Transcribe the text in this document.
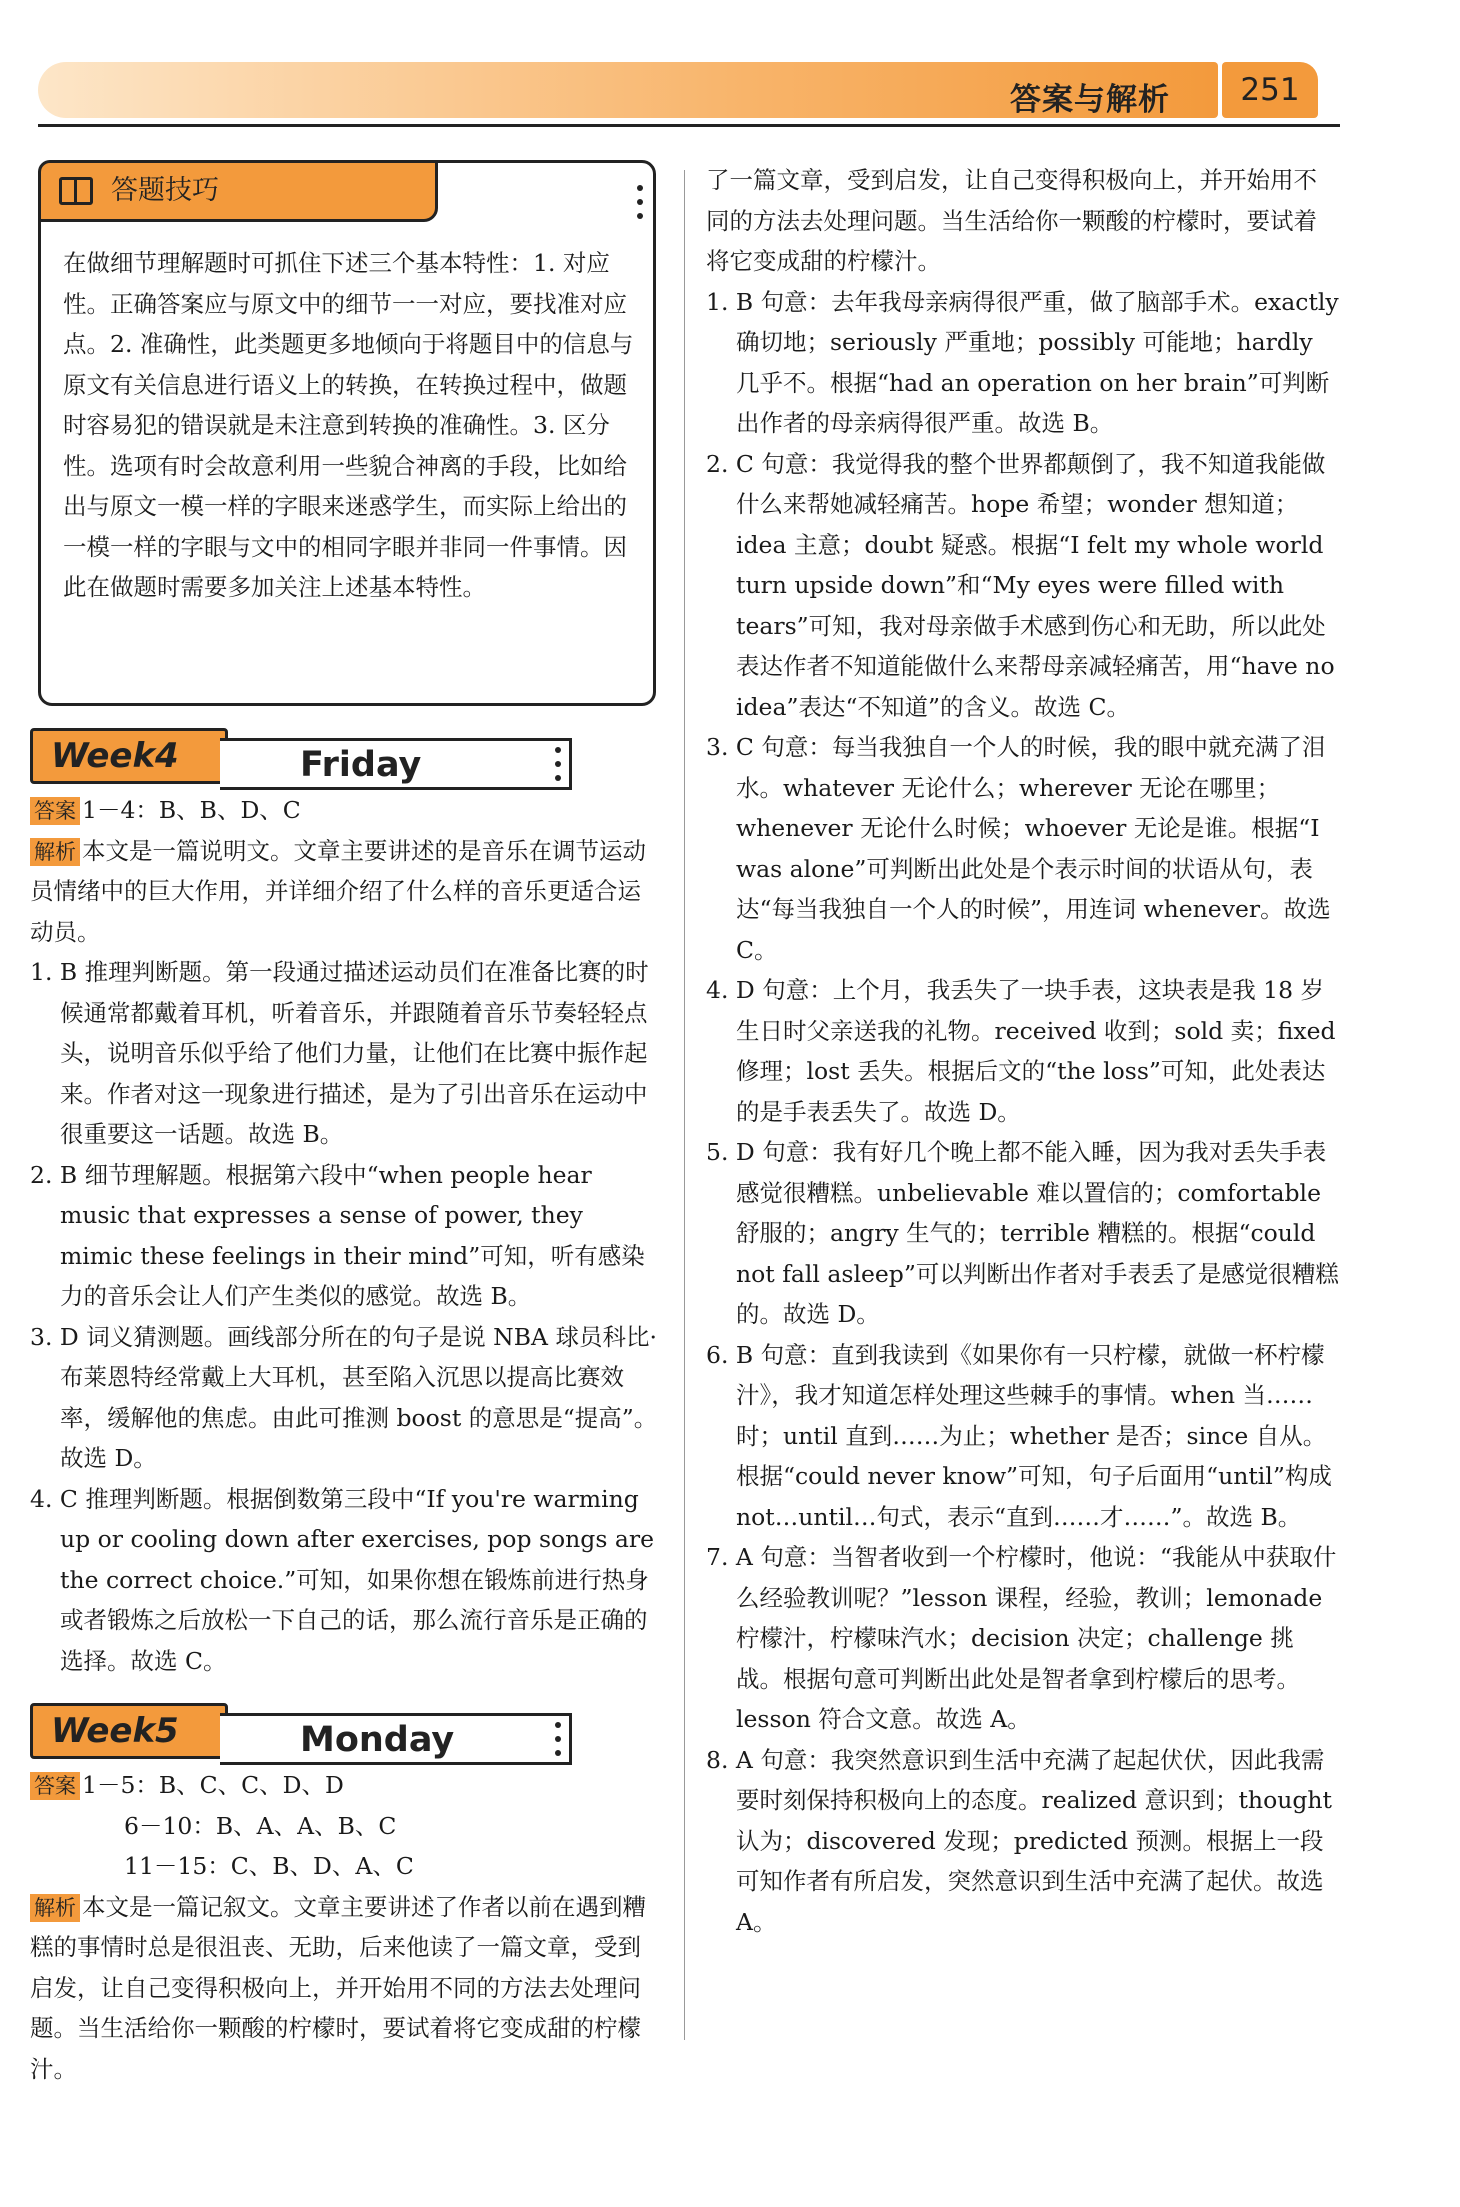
答案与解析	251
答题技巧
在做细节理解题时可抓住下述三个基本特性：1. 对应性。正确答案应与原文中的细节一一对应，要找准对应点。2. 准确性，此类题更多地倾向于将题目中的信息与原文有关信息进行语义上的转换，在转换过程中，做题时容易犯的错误就是未注意到转换的准确性。3. 区分性。选项有时会故意利用一些貌合神离的手段，比如给出与原文一模一样的字眼来迷惑学生，而实际上给出的一模一样的字眼与文中的相同字眼并非同一件事情。因此在做题时需要多加关注上述基本特性。
Week4	Friday

答案 1－4：B、B、D、C

解析 本文是一篇说明文。文章主要讲述的是音乐在调节运动员情绪中的巨大作用，并详细介绍了什么样的音乐更适合运动员。

1. B 推理判断题。第一段通过描述运动员们在准备比赛的时候通常都戴着耳机，听着音乐，并跟随着音乐节奏轻轻点头，说明音乐似乎给了他们力量，让他们在比赛中振作起来。作者对这一现象进行描述，是为了引出音乐在运动中很重要这一话题。故选 B。

2. B 细节理解题。根据第六段中“when people hear music that expresses a sense of power, they mimic these feelings in their mind”可知，听有感染力的音乐会让人们产生类似的感觉。故选 B。

3. D 词义猜测题。画线部分所在的句子是说 NBA 球员科比·布莱恩特经常戴上大耳机，甚至陷入沉思以提高比赛效率，缓解他的焦虑。由此可推测 boost 的意思是“提高”。故选 D。

4. C 推理判断题。根据倒数第三段中“If you're warming up or cooling down after exercises, pop songs are the correct choice.”可知，如果你想在锻炼前进行热身或者锻炼之后放松一下自己的话，那么流行音乐是正确的选择。故选 C。

Week5	Monday

答案 1－5：B、C、C、D、D

6－10：B、A、A、B、C

11－15：C、B、D、A、C

解析 本文是一篇记叙文。文章主要讲述了作者以前在遇到糟糕的事情时总是很沮丧、无助，后来他读了一篇文章，受到启发，让自己变得积极向上，并开始用不同的方法去处理问题。当生活给你一颗酸的柠檬时，要试着将它变成甜的柠檬汁。

了一篇文章，受到启发，让自己变得积极向上，并开始用不同的方法去处理问题。当生活给你一颗酸的柠檬时，要试着将它变成甜的柠檬汁。

1. B 句意：去年我母亲病得很严重，做了脑部手术。exactly 确切地；seriously 严重地；possibly 可能地；hardly 几乎不。根据“had an operation on her brain”可判断出作者的母亲病得很严重。故选 B。

2. C 句意：我觉得我的整个世界都颠倒了，我不知道我能做什么来帮她减轻痛苦。hope 希望；wonder 想知道；idea 主意；doubt 疑惑。根据“I felt my whole world turn upside down”和“My eyes were filled with tears”可知，我对母亲做手术感到伤心和无助，所以此处表达作者不知道能做什么来帮母亲减轻痛苦，用“have no idea”表达“不知道”的含义。故选 C。

3. C 句意：每当我独自一个人的时候，我的眼中就充满了泪水。whatever 无论什么；wherever 无论在哪里；whenever 无论什么时候；whoever 无论是谁。根据“I was alone”可判断出此处是个表示时间的状语从句，表达“每当我独自一个人的时候”，用连词 whenever。故选 C。

4. D 句意：上个月，我丢失了一块手表，这块表是我 18 岁生日时父亲送我的礼物。received 收到；sold 卖；fixed 修理；lost 丢失。根据后文的“the loss”可知，此处表达的是手表丢失了。故选 D。

5. D 句意：我有好几个晚上都不能入睡，因为我对丢失手表感觉很糟糕。unbelievable 难以置信的；comfortable 舒服的；angry 生气的；terrible 糟糕的。根据“could not fall asleep”可以判断出作者对手表丢了是感觉很糟糕的。故选 D。

6. B 句意：直到我读到《如果你有一只柠檬，就做一杯柠檬汁》，我才知道怎样处理这些棘手的事情。when 当……时；until 直到……为止；whether 是否；since 自从。根据“could never know”可知，句子后面用“until”构成 not…until…句式，表示“直到……才……”。故选 B。

7. A 句意：当智者收到一个柠檬时，他说：“我能从中获取什么经验教训呢？”lesson 课程，经验，教训；lemonade 柠檬汁，柠檬味汽水；decision 决定；challenge 挑战。根据句意可判断出此处是智者拿到柠檬后的思考。lesson 符合文意。故选 A。

8. A 句意：我突然意识到生活中充满了起起伏伏，因此我需要时刻保持积极向上的态度。realized 意识到；thought 认为；discovered 发现；predicted 预测。根据上一段可知作者有所启发，突然意识到生活中充满了起伏。故选 A。
